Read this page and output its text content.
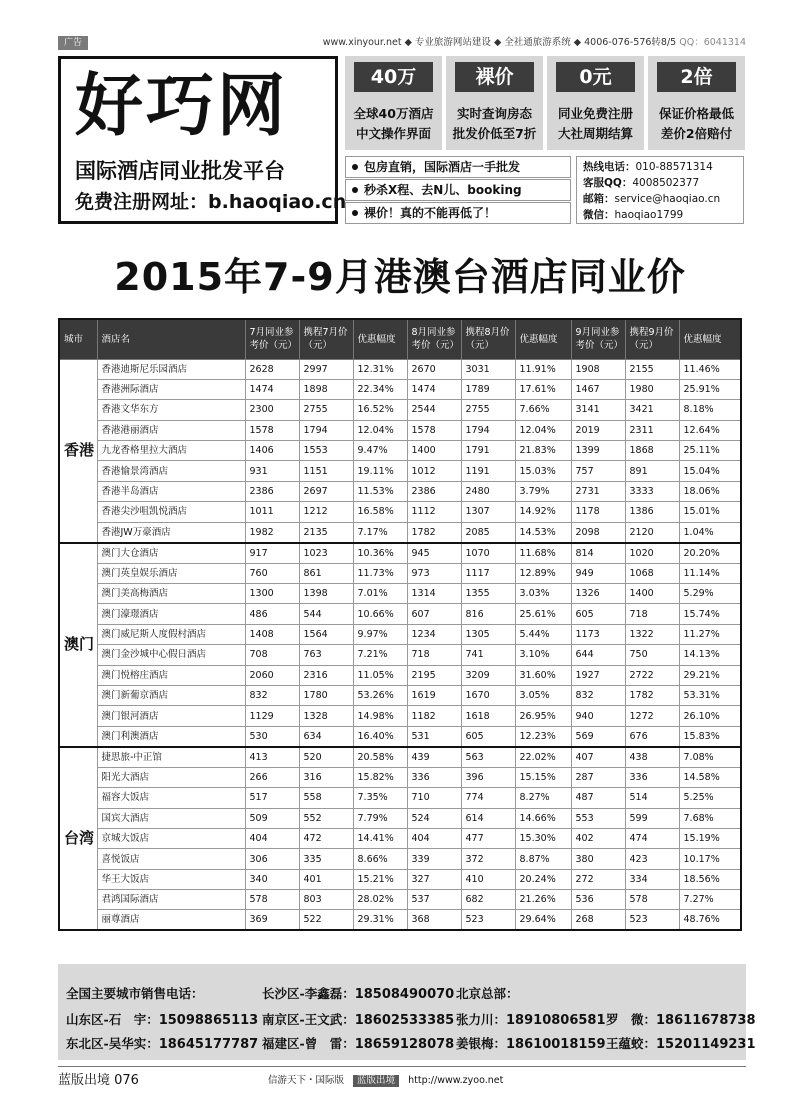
广告	www.xinyour.net ◆ 专业旅游网站建设 ◆ 全社通旅游系统 ◆ 4006-076-576转8/5 QQ：6041314
好巧网
国际酒店同业批发平台
免费注册网址：b.haoqiao.cn
40万
全球40万酒店
中文操作界面
裸价
实时查询房态
批发价低至7折
0元
同业免费注册
大社周期结算
2倍
保证价格最低
差价2倍赔付
包房直销，国际酒店一手批发
秒杀X程、去N儿、booking
裸价！真的不能再低了！
热线电话：010-88571314
客服QQ：4008502377
邮箱：service@haoqiao.cn
微信：haoqiao1799
2015年7-9月港澳台酒店同业价
城市	酒店名	7月同业参考价（元）	携程7月价（元）	优惠幅度	8月同业参考价（元）	携程8月价（元）	优惠幅度	9月同业参考价（元）	携程9月价（元）	优惠幅度
香港	香港迪斯尼乐园酒店	2628	2997	12.31%	2670	3031	11.91%	1908	2155	11.46%
	香港洲际酒店	1474	1898	22.34%	1474	1789	17.61%	1467	1980	25.91%
	香港文华东方	2300	2755	16.52%	2544	2755	7.66%	3141	3421	8.18%
	香港港丽酒店	1578	1794	12.04%	1578	1794	12.04%	2019	2311	12.64%
	九龙香格里拉大酒店	1406	1553	9.47%	1400	1791	21.83%	1399	1868	25.11%
	香港愉景湾酒店	931	1151	19.11%	1012	1191	15.03%	757	891	15.04%
	香港半岛酒店	2386	2697	11.53%	2386	2480	3.79%	2731	3333	18.06%
	香港尖沙咀凯悦酒店	1011	1212	16.58%	1112	1307	14.92%	1178	1386	15.01%
	香港JW万豪酒店	1982	2135	7.17%	1782	2085	14.53%	2098	2120	1.04%
澳门	澳门大仓酒店	917	1023	10.36%	945	1070	11.68%	814	1020	20.20%
	澳门英皇娱乐酒店	760	861	11.73%	973	1117	12.89%	949	1068	11.14%
	澳门美高梅酒店	1300	1398	7.01%	1314	1355	3.03%	1326	1400	5.29%
	澳门濠璟酒店	486	544	10.66%	607	816	25.61%	605	718	15.74%
	澳门威尼斯人度假村酒店	1408	1564	9.97%	1234	1305	5.44%	1173	1322	11.27%
	澳门金沙城中心假日酒店	708	763	7.21%	718	741	3.10%	644	750	14.13%
	澳门悦榕庄酒店	2060	2316	11.05%	2195	3209	31.60%	1927	2722	29.21%
	澳门新葡京酒店	832	1780	53.26%	1619	1670	3.05%	832	1782	53.31%
	澳门银河酒店	1129	1328	14.98%	1182	1618	26.95%	940	1272	26.10%
	澳门利澳酒店	530	634	16.40%	531	605	12.23%	569	676	15.83%
台湾	捷思旅-中正馆	413	520	20.58%	439	563	22.02%	407	438	7.08%
	阳光大酒店	266	316	15.82%	336	396	15.15%	287	336	14.58%
	福容大饭店	517	558	7.35%	710	774	8.27%	487	514	5.25%
	国宾大酒店	509	552	7.79%	524	614	14.66%	553	599	7.68%
	京城大饭店	404	472	14.41%	404	477	15.30%	402	474	15.19%
	喜悦饭店	306	335	8.66%	339	372	8.87%	380	423	10.17%
	华王大饭店	340	401	15.21%	327	410	20.24%	272	334	18.56%
	君鸿国际酒店	578	803	28.02%	537	682	21.26%	536	578	7.27%
	丽尊酒店	369	522	29.31%	368	523	29.64%	268	523	48.76%
全国主要城市销售电话：	长沙区-李鑫磊：18508490070 北京总部：
山东区-石　宇：15098865113 南京区-王文武：18602533385 张力川：18910806581 罗　微：18611678738
东北区-吴华实：18645177787 福建区-曾　雷：18659128078 姜银梅：18610018159 王蕴蛟：15201149231
蓝版出境 076	信游天下・国际版 蓝版出境 http://www.zyoo.net
